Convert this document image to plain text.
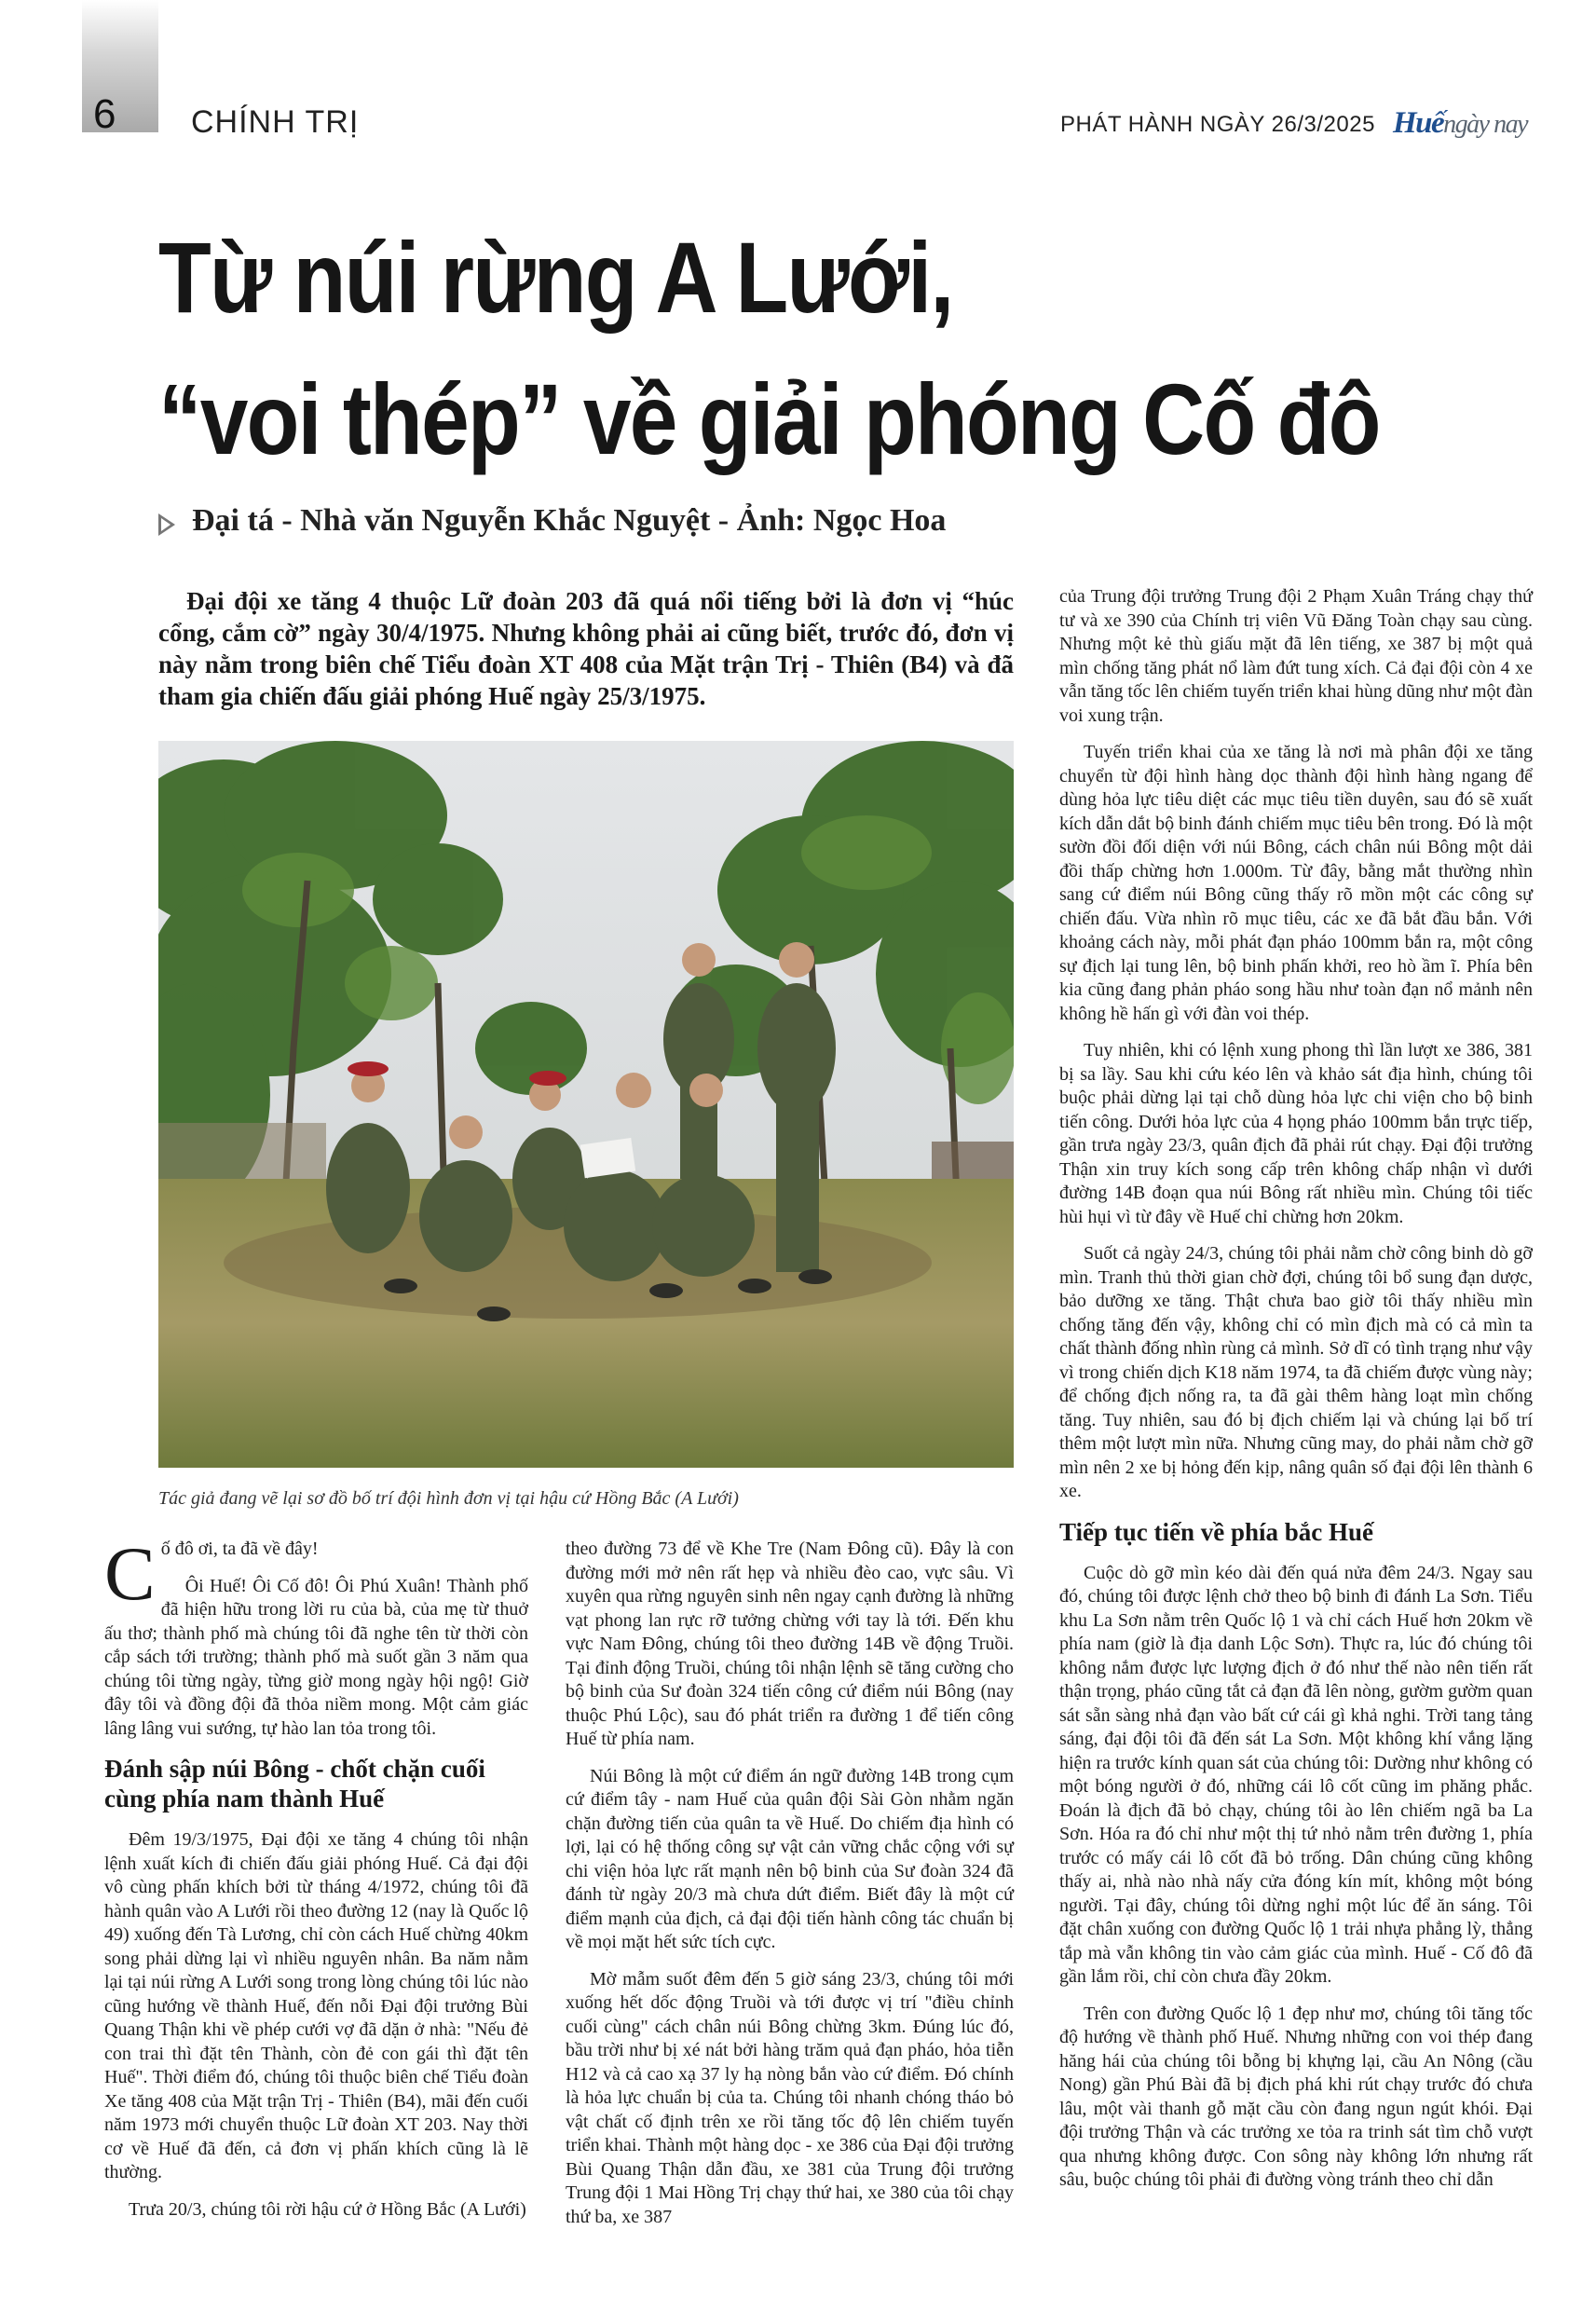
6 CHÍNH TRỊ	PHÁT HÀNH NGÀY 26/3/2025 Huếngày nay
Từ núi rừng A Lưới,
“voi thép” về giải phóng Cố đô
Đại tá - Nhà văn Nguyễn Khắc Nguyệt - Ảnh: Ngọc Hoa

Đại đội xe tăng 4 thuộc Lữ đoàn 203 đã quá nổi tiếng bởi là đơn vị “húc cổng, cắm cờ” ngày 30/4/1975. Nhưng không phải ai cũng biết, trước đó, đơn vị này nằm trong biên chế Tiểu đoàn XT 408 của Mặt trận Trị - Thiên (B4) và đã tham gia chiến đấu giải phóng Huế ngày 25/3/1975.

Tác giả đang vẽ lại sơ đồ bố trí đội hình đơn vị tại hậu cứ Hồng Bắc (A Lưới)

Cố đô ơi, ta đã về đây!

Ôi Huế! Ôi Cố đô! Ôi Phú Xuân! Thành phố đã hiện hữu trong lời ru của bà, của mẹ từ thuở ấu thơ; thành phố mà chúng tôi đã nghe tên từ thời còn cắp sách tới trường; thành phố mà suốt gần 3 năm qua chúng tôi từng ngày, từng giờ mong ngày hội ngộ! Giờ đây tôi và đồng đội đã thỏa niềm mong. Một cảm giác lâng lâng vui sướng, tự hào lan tỏa trong tôi.

Đánh sập núi Bông - chốt chặn cuối cùng phía nam thành Huế

Đêm 19/3/1975, Đại đội xe tăng 4 chúng tôi nhận lệnh xuất kích đi chiến đấu giải phóng Huế. Cả đại đội vô cùng phấn khích bởi từ tháng 4/1972, chúng tôi đã hành quân vào A Lưới rồi theo đường 12 (nay là Quốc lộ 49) xuống đến Tà Lương, chỉ còn cách Huế chừng 40km song phải dừng lại vì nhiều nguyên nhân. Ba năm nằm lại tại núi rừng A Lưới song trong lòng chúng tôi lúc nào cũng hướng về thành Huế, đến nỗi Đại đội trưởng Bùi Quang Thận khi về phép cưới vợ đã dặn ở nhà: "Nếu đẻ con trai thì đặt tên Thành, còn đẻ con gái thì đặt tên Huế". Thời điểm đó, chúng tôi thuộc biên chế Tiểu đoàn Xe tăng 408 của Mặt trận Trị - Thiên (B4), mãi đến cuối năm 1973 mới chuyển thuộc Lữ đoàn XT 203. Nay thời cơ về Huế đã đến, cả đơn vị phấn khích cũng là lẽ thường.

Trưa 20/3, chúng tôi rời hậu cứ ở Hồng Bắc (A Lưới)

theo đường 73 để về Khe Tre (Nam Đông cũ). Đây là con đường mới mở nên rất hẹp và nhiều đèo cao, vực sâu. Vì xuyên qua rừng nguyên sinh nên ngay cạnh đường là những vạt phong lan rực rỡ tưởng chừng với tay là tới. Đến khu vực Nam Đông, chúng tôi theo đường 14B về động Truồi. Tại đỉnh động Truồi, chúng tôi nhận lệnh sẽ tăng cường cho bộ binh của Sư đoàn 324 tiến công cứ điểm núi Bông (nay thuộc Phú Lộc), sau đó phát triển ra đường 1 để tiến công Huế từ phía nam.

Núi Bông là một cứ điểm án ngữ đường 14B trong cụm cứ điểm tây - nam Huế của quân đội Sài Gòn nhằm ngăn chặn đường tiến của quân ta về Huế. Do chiếm địa hình có lợi, lại có hệ thống công sự vật cản vững chắc cộng với sự chi viện hỏa lực rất mạnh nên bộ binh của Sư đoàn 324 đã đánh từ ngày 20/3 mà chưa dứt điểm. Biết đây là một cứ điểm mạnh của địch, cả đại đội tiến hành công tác chuẩn bị về mọi mặt hết sức tích cực.

Mờ mẫm suốt đêm đến 5 giờ sáng 23/3, chúng tôi mới xuống hết dốc động Truồi và tới được vị trí "điều chỉnh cuối cùng" cách chân núi Bông chừng 3km. Đúng lúc đó, bầu trời như bị xé nát bởi hàng trăm quả đạn pháo, hỏa tiễn H12 và cả cao xạ 37 ly hạ nòng bắn vào cứ điểm. Đó chính là hỏa lực chuẩn bị của ta. Chúng tôi nhanh chóng tháo bỏ vật chất cố định trên xe rồi tăng tốc độ lên chiếm tuyến triển khai. Thành một hàng dọc - xe 386 của Đại đội trưởng Bùi Quang Thận dẫn đầu, xe 381 của Trung đội trưởng Trung đội 1 Mai Hồng Trị chạy thứ hai, xe 380 của tôi chạy thứ ba, xe 387

của Trung đội trưởng Trung đội 2 Phạm Xuân Tráng chạy thứ tư và xe 390 của Chính trị viên Vũ Đăng Toàn chạy sau cùng. Nhưng một kẻ thù giấu mặt đã lên tiếng, xe 387 bị một quả mìn chống tăng phát nổ làm đứt tung xích. Cả đại đội còn 4 xe vẫn tăng tốc lên chiếm tuyến triển khai hùng dũng như một đàn voi xung trận.

Tuyến triển khai của xe tăng là nơi mà phân đội xe tăng chuyển từ đội hình hàng dọc thành đội hình hàng ngang để dùng hỏa lực tiêu diệt các mục tiêu tiền duyên, sau đó sẽ xuất kích dẫn dắt bộ binh đánh chiếm mục tiêu bên trong. Đó là một sườn đồi đối diện với núi Bông, cách chân núi Bông một dải đồi thấp chừng hơn 1.000m. Từ đây, bằng mắt thường nhìn sang cứ điểm núi Bông cũng thấy rõ mồn một các công sự chiến đấu. Vừa nhìn rõ mục tiêu, các xe đã bắt đầu bắn. Với khoảng cách này, mỗi phát đạn pháo 100mm bắn ra, một công sự địch lại tung lên, bộ binh phấn khởi, reo hò ầm ĩ. Phía bên kia cũng đang phản pháo song hầu như toàn đạn nổ mảnh nên không hề hấn gì với đàn voi thép.

Tuy nhiên, khi có lệnh xung phong thì lần lượt xe 386, 381 bị sa lầy. Sau khi cứu kéo lên và khảo sát địa hình, chúng tôi buộc phải dừng lại tại chỗ dùng hỏa lực chi viện cho bộ binh tiến công. Dưới hỏa lực của 4 họng pháo 100mm bắn trực tiếp, gần trưa ngày 23/3, quân địch đã phải rút chạy. Đại đội trưởng Thận xin truy kích song cấp trên không chấp nhận vì dưới đường 14B đoạn qua núi Bông rất nhiều mìn. Chúng tôi tiếc hùi hụi vì từ đây về Huế chỉ chừng hơn 20km.

Suốt cả ngày 24/3, chúng tôi phải nằm chờ công binh dò gỡ mìn. Tranh thủ thời gian chờ đợi, chúng tôi bổ sung đạn dược, bảo dưỡng xe tăng. Thật chưa bao giờ tôi thấy nhiều mìn chống tăng đến vậy, không chỉ có mìn địch mà có cả mìn ta chất thành đống nhìn rùng cả mình. Sở dĩ có tình trạng như vậy vì trong chiến dịch K18 năm 1974, ta đã chiếm được vùng này; để chống địch nống ra, ta đã gài thêm hàng loạt mìn chống tăng. Tuy nhiên, sau đó bị địch chiếm lại và chúng lại bố trí thêm một lượt mìn nữa. Nhưng cũng may, do phải nằm chờ gỡ mìn nên 2 xe bị hỏng đến kịp, nâng quân số đại đội lên thành 6 xe.

Tiếp tục tiến về phía bắc Huế

Cuộc dò gỡ mìn kéo dài đến quá nửa đêm 24/3. Ngay sau đó, chúng tôi được lệnh chở theo bộ binh đi đánh La Sơn. Tiểu khu La Sơn nằm trên Quốc lộ 1 và chỉ cách Huế hơn 20km về phía nam (giờ là địa danh Lộc Sơn). Thực ra, lúc đó chúng tôi không nắm được lực lượng địch ở đó như thế nào nên tiến rất thận trọng, pháo cũng tắt cả đạn đã lên nòng, gườm gườm quan sát sẵn sàng nhả đạn vào bất cứ cái gì khả nghi. Trời tang tảng sáng, đại đội tôi đã đến sát La Sơn. Một không khí vắng lặng hiện ra trước kính quan sát của chúng tôi: Dường như không có một bóng người ở đó, những cái lô cốt cũng im phăng phắc. Đoán là địch đã bỏ chạy, chúng tôi ào lên chiếm ngã ba La Sơn. Hóa ra đó chỉ như một thị tứ nhỏ nằm trên đường 1, phía trước có mấy cái lô cốt đã bỏ trống. Dân chúng cũng không thấy ai, nhà nào nhà nấy cửa đóng kín mít, không một bóng người. Tại đây, chúng tôi dừng nghỉ một lúc để ăn sáng. Tôi đặt chân xuống con đường Quốc lộ 1 trải nhựa phẳng lỳ, thẳng tắp mà vẫn không tin vào cảm giác của mình. Huế - Cố đô đã gần lắm rồi, chỉ còn chưa đầy 20km.

Trên con đường Quốc lộ 1 đẹp như mơ, chúng tôi tăng tốc độ hướng về thành phố Huế. Nhưng những con voi thép đang hăng hái của chúng tôi bỗng bị khựng lại, cầu An Nông (cầu Nong) gần Phú Bài đã bị địch phá khi rút chạy trước đó chưa lâu, một vài thanh gỗ mặt cầu còn đang ngun ngút khói. Đại đội trưởng Thận và các trưởng xe tỏa ra trinh sát tìm chỗ vượt qua nhưng không được. Con sông này không lớn nhưng rất sâu, buộc chúng tôi phải đi đường vòng tránh theo chỉ dẫn
